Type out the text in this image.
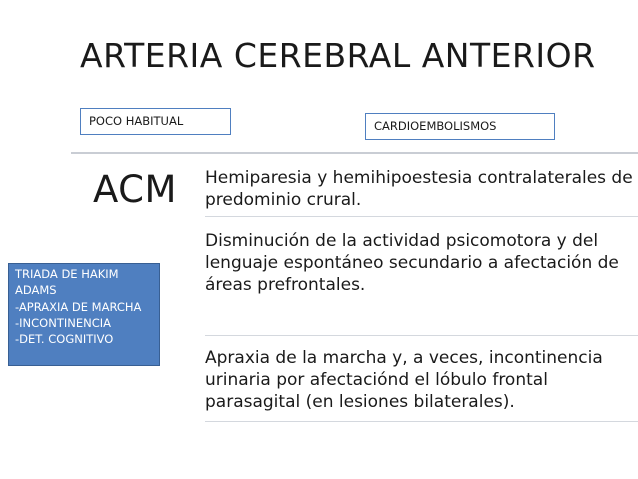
ARTERIA CEREBRAL ANTERIOR
POCO HABITUAL	CARDIOEMBOLISMOS
ACM Hemiparesia y hemihipoestesia contralaterales de predominio crural.
Disminución de la actividad psicomotora y del lenguaje espontáneo secundario a afectación de áreas prefrontales.
Apraxia de la marcha y, a veces, incontinencia urinaria por afectaciónd el lóbulo frontal parasagital (en lesiones bilaterales).
TRIADA DE HAKIM
ADAMS
-APRAXIA DE MARCHA
-INCONTINENCIA
-DET. COGNITIVO
